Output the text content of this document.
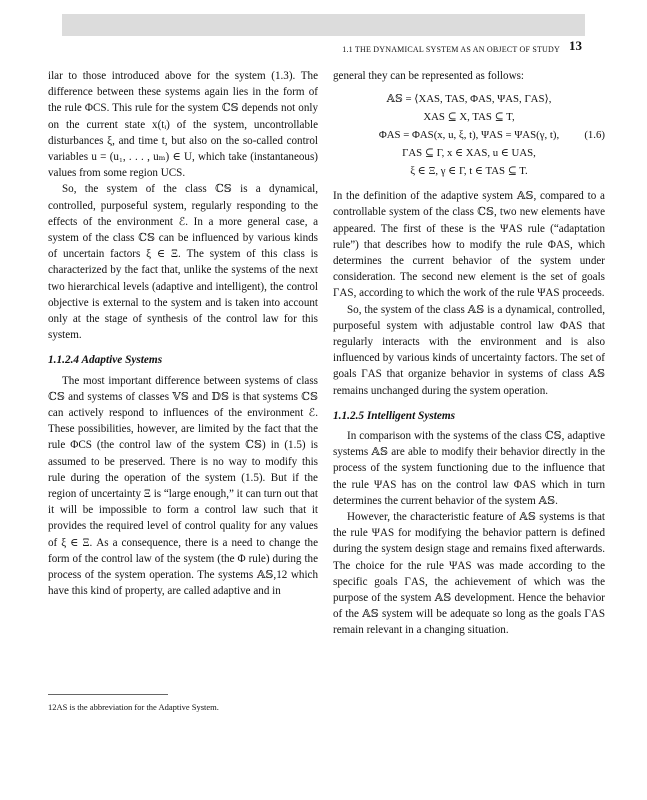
1.1 THE DYNAMICAL SYSTEM AS AN OBJECT OF STUDY 13

ilar to those introduced above for the system (1.3). The difference between these systems again lies in the form of the rule ΦCS. This rule for the system ℂ𝕊 depends not only on the current state x(tᵢ) of the system, uncontrollable disturbances ξ, and time t, but also on the so-called control variables u = (u₁, . . . , uₘ) ∈ U, which take (instantaneous) values from some region UCS.

So, the system of the class ℂ𝕊 is a dynamical, controlled, purposeful system, regularly responding to the effects of the environment ℰ. In a more general case, a system of the class ℂ𝕊 can be influenced by various kinds of uncertain factors ξ ∈ Ξ. The system of this class is characterized by the fact that, unlike the systems of the next two hierarchical levels (adaptive and intelligent), the control objective is external to the system and is taken into account only at the stage of synthesis of the control law for this system.

1.1.2.4 Adaptive Systems

The most important difference between systems of class ℂ𝕊 and systems of classes 𝕍𝕊 and 𝔻𝕊 is that systems ℂ𝕊 can actively respond to influences of the environment ℰ. These possibilities, however, are limited by the fact that the rule ΦCS (the control law of the system ℂ𝕊) in (1.5) is assumed to be preserved. There is no way to modify this rule during the operation of the system (1.5). But if the region of uncertainty Ξ is “large enough,” it can turn out that it will be impossible to form a control law such that it provides the required level of control quality for any values of ξ ∈ Ξ. As a consequence, there is a need to change the form of the control law of the system (the Φ rule) during the process of the system operation. The systems 𝔸𝕊,12 which have this kind of property, are called adaptive and in

12AS is the abbreviation for the Adaptive System.

general they can be represented as follows:

𝔸𝕊 = ⟨XAS, TAS, ΦAS, ΨAS, ΓAS⟩,
XAS ⊆ X, TAS ⊆ T,
ΦAS = ΦAS(x, u, ξ, t), ΨAS = ΨAS(γ, t), (1.6)
ΓAS ⊆ Γ, x ∈ XAS, u ∈ UAS,
ξ ∈ Ξ, γ ∈ Γ, t ∈ TAS ⊆ T.

In the definition of the adaptive system 𝔸𝕊, compared to a controllable system of the class ℂ𝕊, two new elements have appeared. The first of these is the ΨAS rule (“adaptation rule”) that describes how to modify the rule ΦAS, which determines the current behavior of the system under consideration. The second new element is the set of goals ΓAS, according to which the work of the rule ΨAS proceeds.

So, the system of the class 𝔸𝕊 is a dynamical, controlled, purposeful system with adjustable control law ΦAS that regularly interacts with the environment and is also influenced by various kinds of uncertainty factors. The set of goals ΓAS that organize behavior in systems of class 𝔸𝕊 remains unchanged during the system operation.

1.1.2.5 Intelligent Systems

In comparison with the systems of the class ℂ𝕊, adaptive systems 𝔸𝕊 are able to modify their behavior directly in the process of the system functioning due to the influence that the rule ΨAS has on the control law ΦAS which in turn determines the current behavior of the system 𝔸𝕊.

However, the characteristic feature of 𝔸𝕊 systems is that the rule ΨAS for modifying the behavior pattern is defined during the system design stage and remains fixed afterwards. The choice for the rule ΨAS was made according to the specific goals ΓAS, the achievement of which was the purpose of the system 𝔸𝕊 development. Hence the behavior of the 𝔸𝕊 system will be adequate so long as the goals ΓAS remain relevant in a changing situation.
